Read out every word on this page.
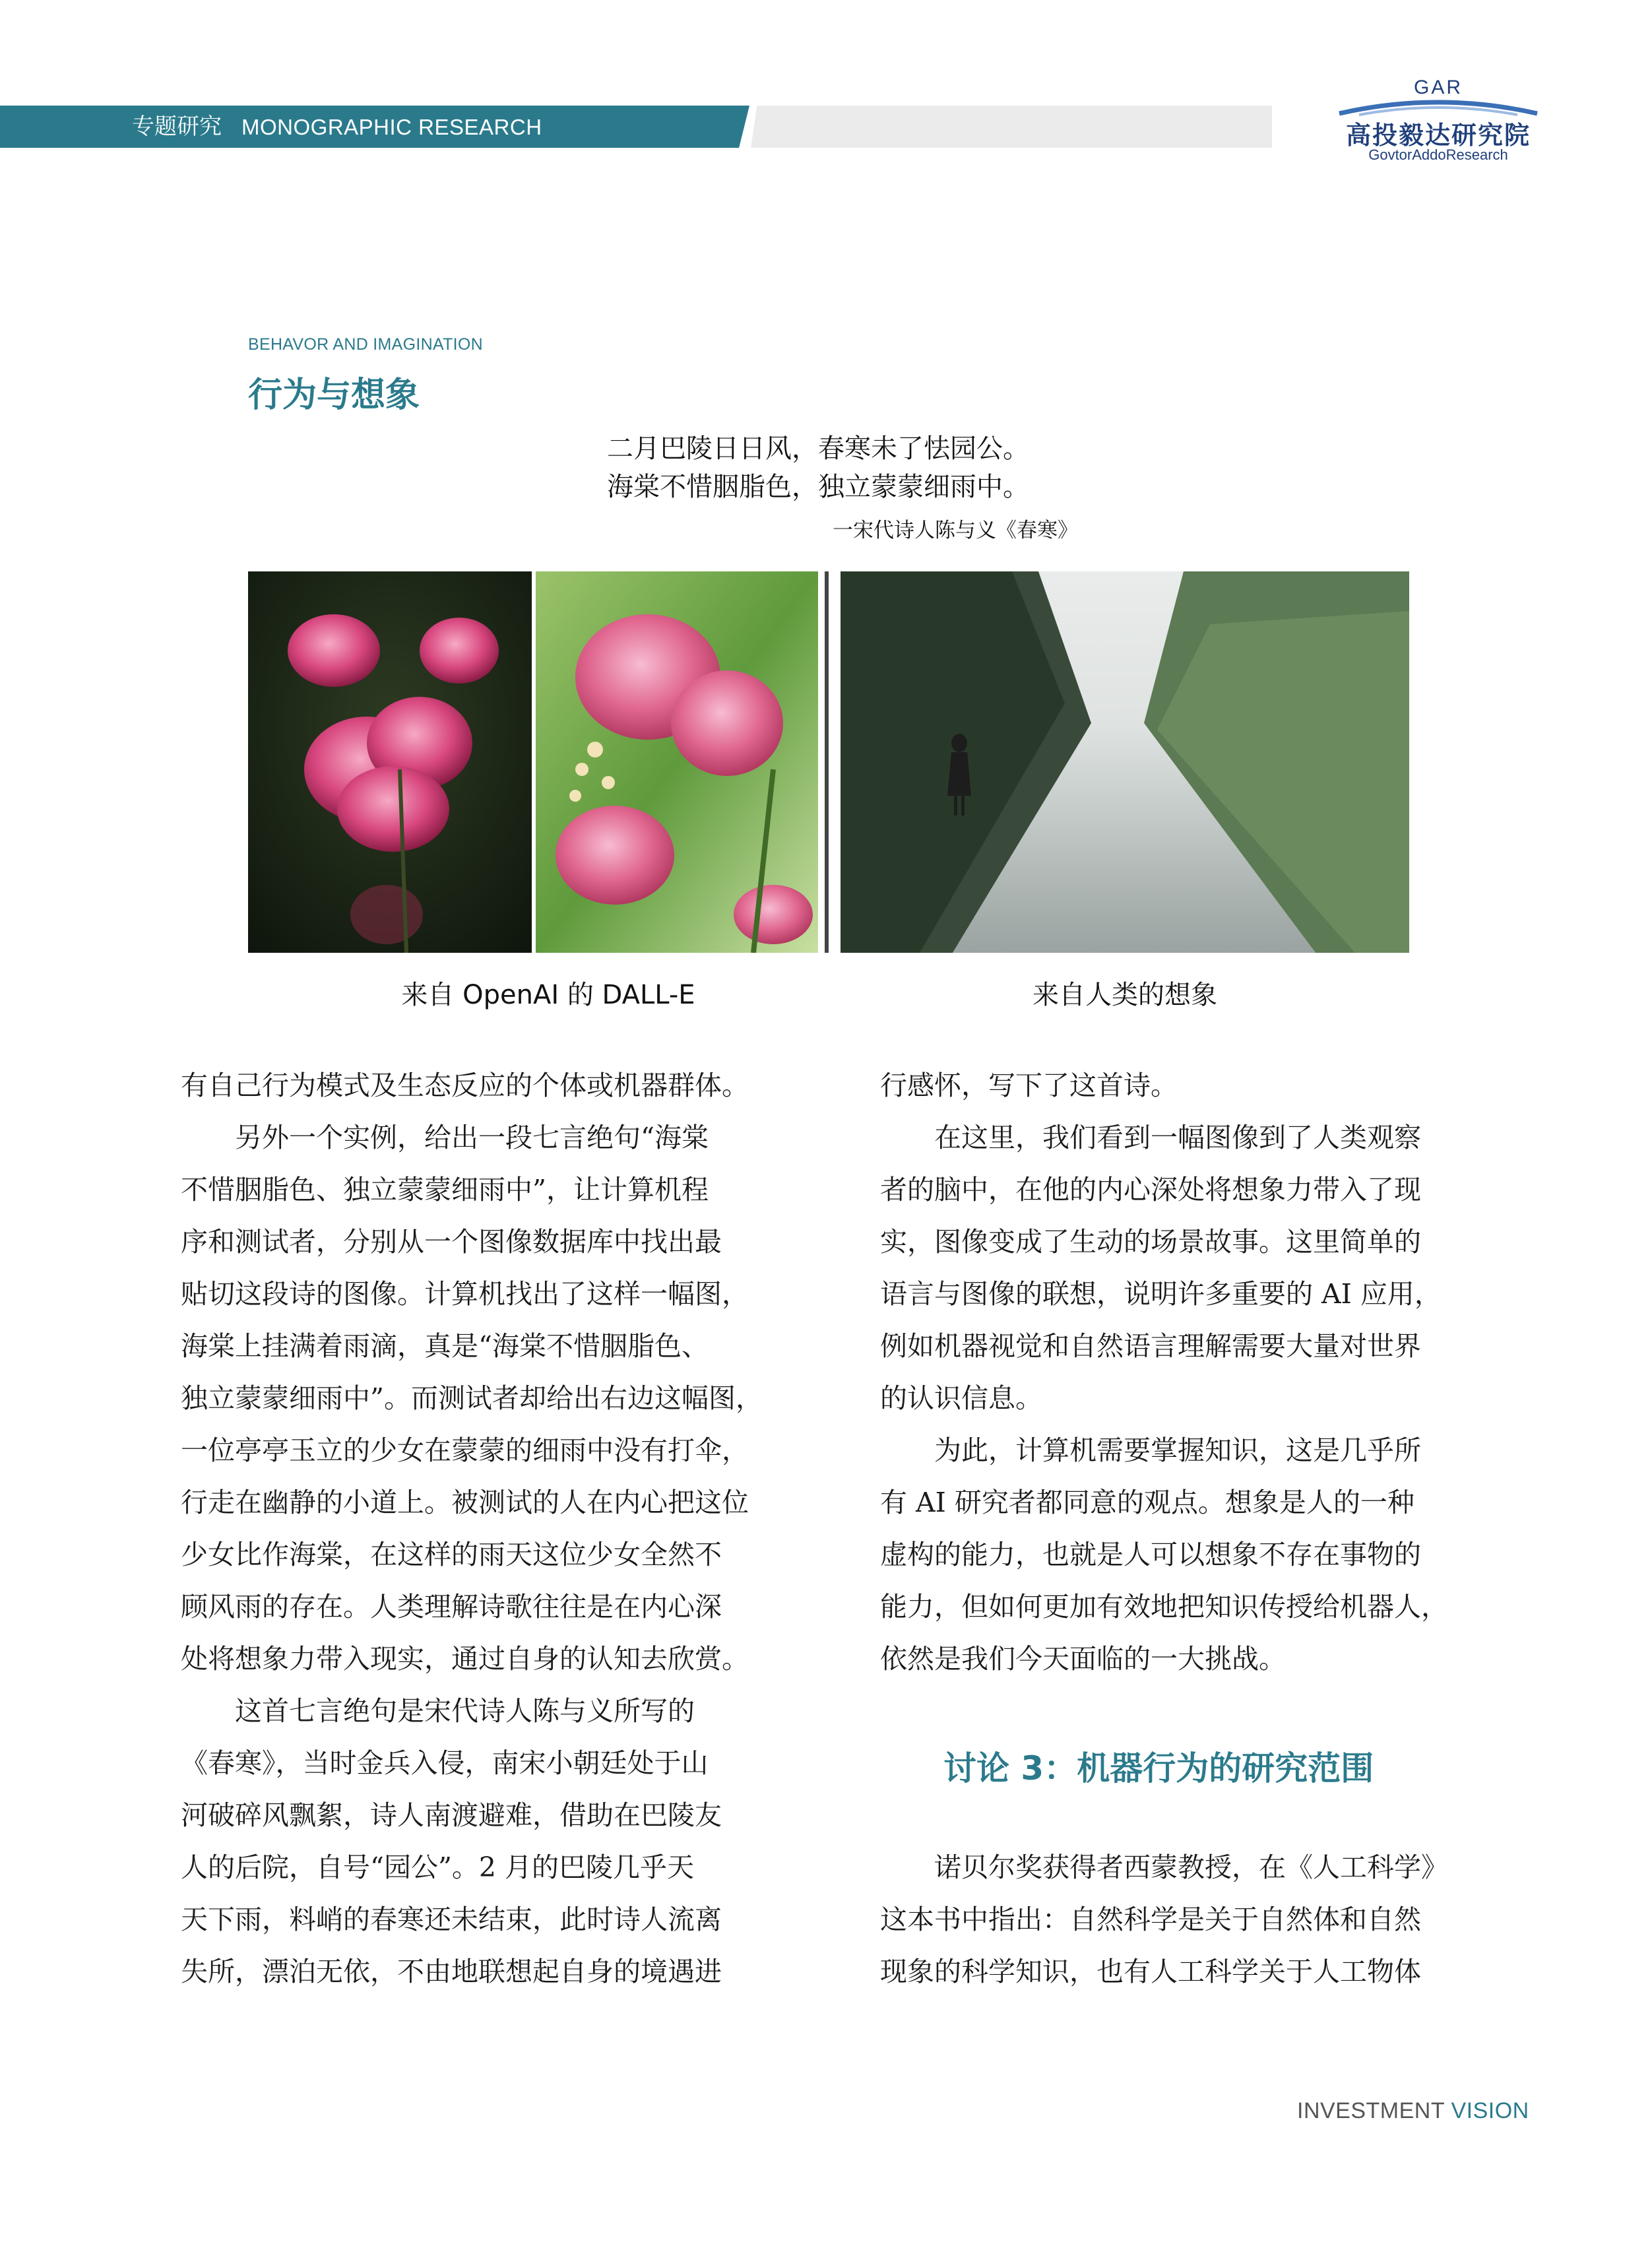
专题研究 MONOGRAPHIC RESEARCH
GAR
高投毅达研究院
GovtorAddoResearch
BEHAVOR AND IMAGINATION
行为与想象
二月巴陵日日风，春寒未了怯园公。
海棠不惜胭脂色，独立蒙蒙细雨中。
一宋代诗人陈与义《春寒》
来自 OpenAI 的 DALL-E	来自人类的想象
有自己行为模式及生态反应的个体或机器群体。
　　另外一个实例，给出一段七言绝句“海棠
不惜胭脂色、独立蒙蒙细雨中”，让计算机程
序和测试者，分别从一个图像数据库中找出最
贴切这段诗的图像。计算机找出了这样一幅图，
海棠上挂满着雨滴，真是“海棠不惜胭脂色、
独立蒙蒙细雨中”。而测试者却给出右边这幅图，
一位亭亭玉立的少女在蒙蒙的细雨中没有打伞，
行走在幽静的小道上。被测试的人在内心把这位
少女比作海棠，在这样的雨天这位少女全然不
顾风雨的存在。人类理解诗歌往往是在内心深
处将想象力带入现实，通过自身的认知去欣赏。
　　这首七言绝句是宋代诗人陈与义所写的
《春寒》，当时金兵入侵，南宋小朝廷处于山
河破碎风飘絮，诗人南渡避难，借助在巴陵友
人的后院，自号“园公”。2 月的巴陵几乎天
天下雨，料峭的春寒还未结束，此时诗人流离
失所，漂泊无依，不由地联想起自身的境遇进
行感怀，写下了这首诗。
　　在这里，我们看到一幅图像到了人类观察
者的脑中，在他的内心深处将想象力带入了现
实，图像变成了生动的场景故事。这里简单的
语言与图像的联想，说明许多重要的 AI 应用，
例如机器视觉和自然语言理解需要大量对世界
的认识信息。
　　为此，计算机需要掌握知识，这是几乎所
有 AI 研究者都同意的观点。想象是人的一种
虚构的能力，也就是人可以想象不存在事物的
能力，但如何更加有效地把知识传授给机器人，
依然是我们今天面临的一大挑战。
讨论 3：机器行为的研究范围
　　诺贝尔奖获得者西蒙教授，在《人工科学》
这本书中指出：自然科学是关于自然体和自然
现象的科学知识，也有人工科学关于人工物体
INVESTMENT VISION
